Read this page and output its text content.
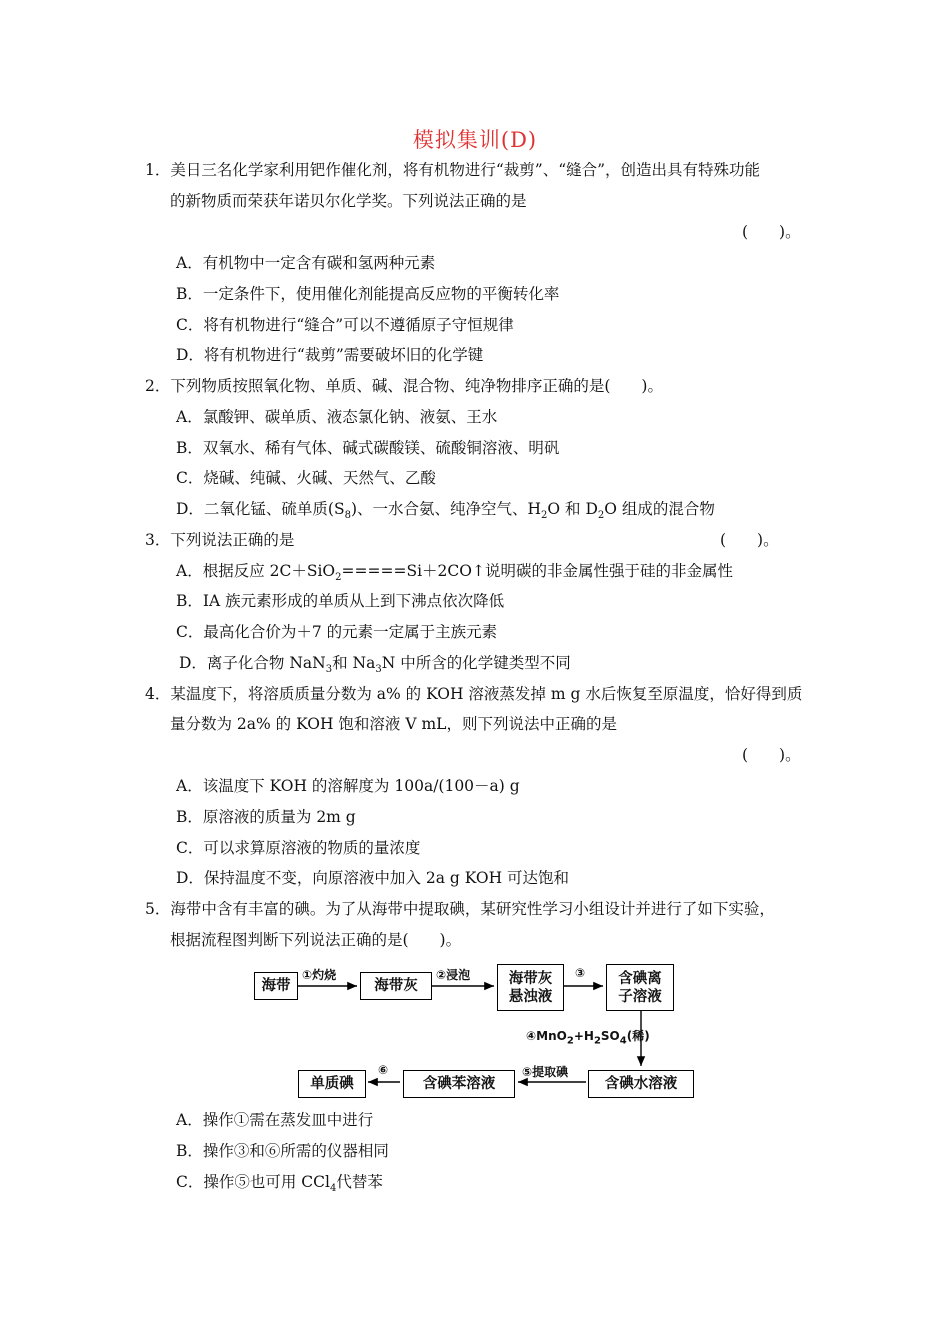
模拟集训(D)
1．美日三名化学家利用钯作催化剂，将有机物进行“裁剪”、“缝合”，创造出具有特殊功能
的新物质而荣获年诺贝尔化学奖。下列说法正确的是
(　　)。
A．有机物中一定含有碳和氢两种元素
B．一定条件下，使用催化剂能提高反应物的平衡转化率
C．将有机物进行“缝合”可以不遵循原子守恒规律
D．将有机物进行“裁剪”需要破坏旧的化学键
2．下列物质按照氧化物、单质、碱、混合物、纯净物排序正确的是(　　)。
A．氯酸钾、碳单质、液态氯化钠、液氨、王水
B．双氧水、稀有气体、碱式碳酸镁、硫酸铜溶液、明矾
C．烧碱、纯碱、火碱、天然气、乙酸
D．二氧化锰、硫单质$(S_8)$、一水合氨、纯净空气、$H_2O$ 和 $D_2O$ 组成的混合物
3．下列说法正确的是	(　　)。
A．根据反应 2C＋SiO$_2$=====Si＋2CO↑说明碳的非金属性强于硅的非金属性
B．ⅠA 族元素形成的单质从上到下沸点依次降低
C．最高化合价为＋7 的元素一定属于主族元素
D．离子化合物 NaN$_3$和 $Na_3N$ 中所含的化学键类型不同
4．某温度下，将溶质质量分数为 a% 的 KOH 溶液蒸发掉 m g 水后恢复至原温度，恰好得到质
量分数为 2a% 的 KOH 饱和溶液 V mL，则下列说法中正确的是
(　　)。
A．该温度下 KOH 的溶解度为 100a/(100－a) g
B．原溶液的质量为 2m g
C．可以求算原溶液的物质的量浓度
D．保持温度不变，向原溶液中加入 2a g KOH 可达饱和
5．海带中含有丰富的碘。为了从海带中提取碘，某研究性学习小组设计并进行了如下实验，
根据流程图判断下列说法正确的是(　　)。
海带	海带灰	海带灰
悬浊液
含碘离
子溶液
含碘水溶液
含碘苯溶液
单质碘
①灼烧	②浸泡	③
$④MnO_2+H_2SO_4$(稀)
⑤提取碘
⑥
A．操作①需在蒸发皿中进行
B．操作③和⑥所需的仪器相同
C．操作⑤也可用 CCl$_4$代替苯
